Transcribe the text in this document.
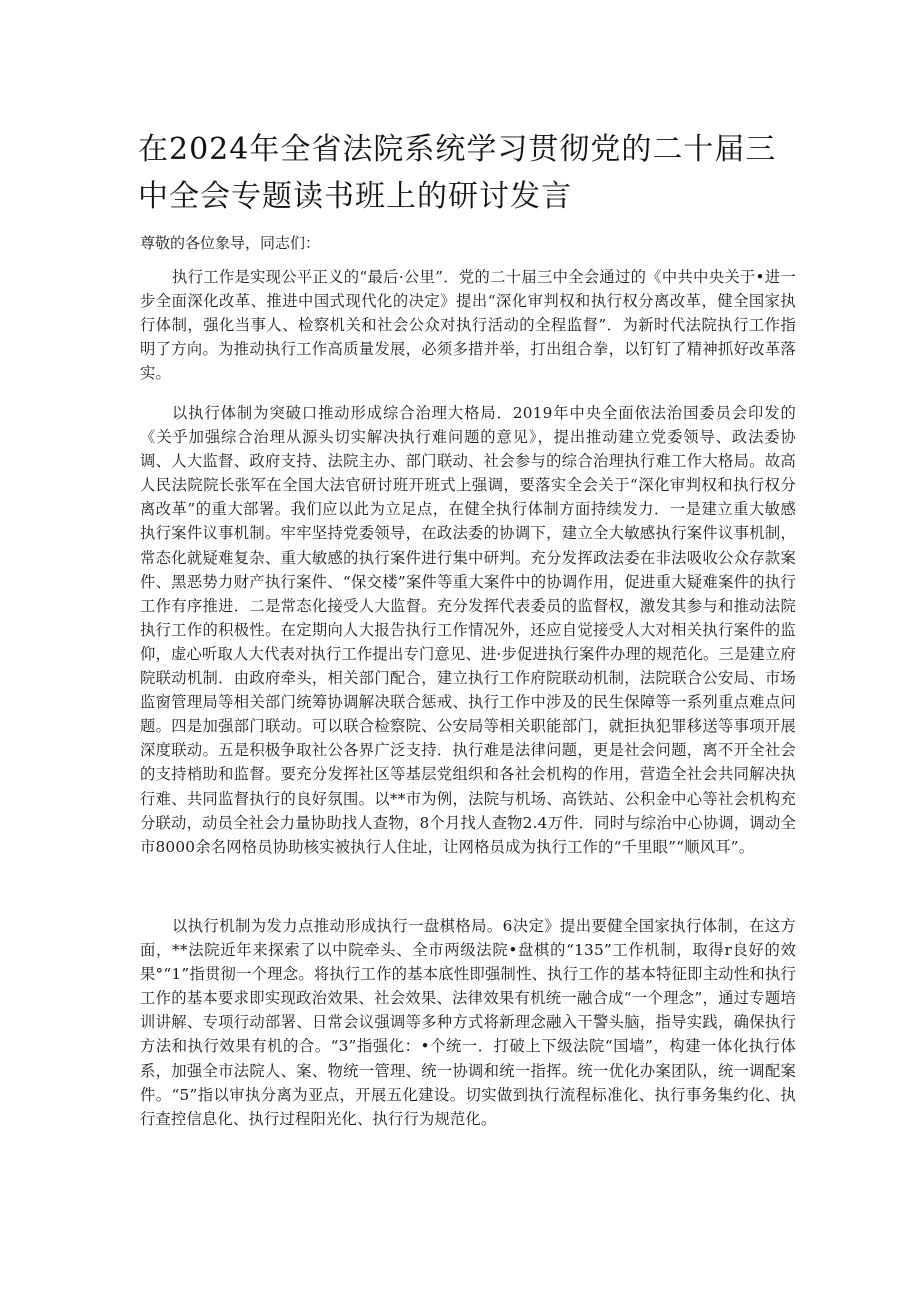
在2024年全省法院系统学习贯彻党的二十届三中全会专题读书班上的研讨发言

尊敬的各位象导，同志们：

执行工作是实现公平正义的“最后·公里”．党的二十届三中全会通过的《中共中央关于•进一步全面深化改革、推进中国式现代化的决定》提出“深化审判权和执行权分离改革，健全国家执行体制，强化当事人、检察机关和社会公众对执行活动的全程监督”．为新时代法院执行工作指明了方向。为推动执行工作高质量发展，必须多措并举，打出组合拳，以钉钉了精神抓好改革落实。

以执行体制为突破口推动形成综合治理大格局．2019年中央全面依法治国委员会印发的《关乎加强综合治理从源头切实解决执行难问题的意见》，提出推动建立党委领导、政法委协调、人大监督、政府支持、法院主办、部门联动、社会参与的综合治理执行难工作大格局。故高人民法院院长张军在全国大法官研讨班开班式上强调，要落实全会关于“深化审判权和执行权分离改革”的重大部署。我们应以此为立足点，在健全执行体制方面持续发力．一是建立重大敏感执行案件议事机制。牢牢坚持党委领导，在政法委的协调下，建立全大敏感执行案件议事机制，常态化就疑难复杂、重大敏感的执行案件进行集中研判。充分发挥政法委在非法吸收公众存款案件、黑恶势力财产执行案件、“保交楼”案件等重大案件中的协调作用，促进重大疑难案件的执行工作有序推进．二是常态化接受人大监督。充分发挥代表委员的监督权，激发其参与和推动法院执行工作的积极性。在定期向人大报告执行工作情况外，还应自觉接受人大对相关执行案件的监仰，虚心听取人大代表对执行工作提出专门意见、进·步促进执行案件办理的规范化。三是建立府院联动机制．由政府牵头，相关部门配合，建立执行工作府院联动机制，法院联合公安局、市场监窗管理局等相关部门统筹协调解决联合惩戒、执行工作中涉及的民生保障等一系列重点难点问题。四是加强部门联动。可以联合检察院、公安局等相关职能部门，就拒执犯罪移送等事项开展深度联动。五是积极争取社公各界广泛支持．执行难是法律问题，更是社会问题，离不开全社会的支持梢助和监督。要充分发挥社区等基层党组织和各社会机构的作用，营造全社会共同解决执行难、共同监督执行的良好氛围。以**市为例，法院与机场、高铁站、公积金中心等社会机构充分联动，动员全社会力量协助找人查物，8个月找人查物2.4万件．同时与综治中心协调，调动全市8000余名网格员协助核实被执行人住址，让网格员成为执行工作的“千里眼”“顺风耳”。

以执行机制为发力点推动形成执行一盘棋格局。6决定》提出要健全国家执行体制，在这方面，**法院近年来探索了以中院牵头、全市两级法院•盘棋的“135”工作机制，取得r良好的效果°“1”指贯彻一个理念。将执行工作的基本底性即强制性、执行工作的基本特征即主动性和执行工作的基本要求即实现政治效果、社会效果、法律效果有机统一融合成“一个理念”，通过专题培训讲解、专项行动部署、日常会议强调等多种方式将新理念融入干警头脑，指导实践，确保执行方法和执行效果有机的合。“3”指强化：•个统一．打破上下级法院“国墙”，构建一体化执行体系，加强全市法院人、案、物统一管理、统一协调和统一指挥。统一优化办案团队，统一调配案件。“5”指以审执分离为亚点，开展五化建设。切实做到执行流程标准化、执行事务集约化、执行查控信息化、执行过程阳光化、执行行为规范化。
